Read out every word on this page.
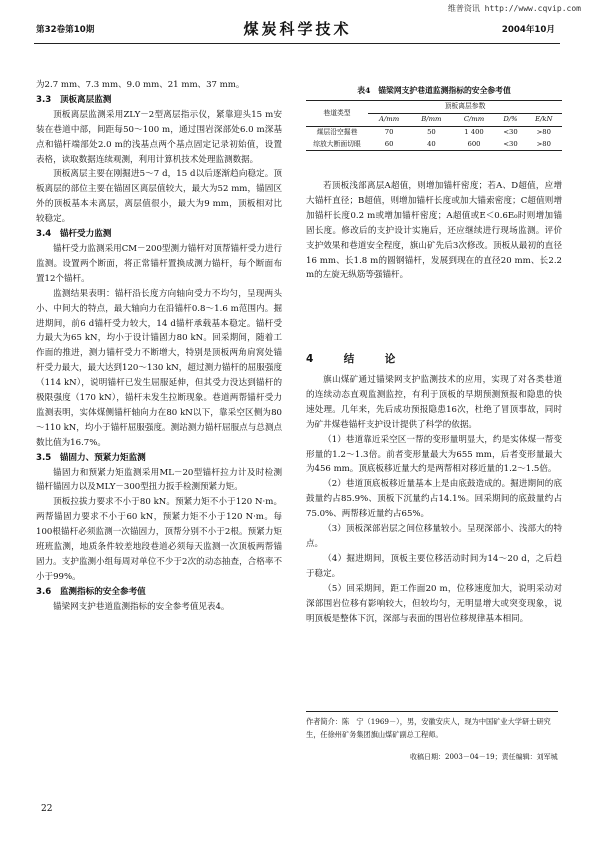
维普资讯 http://www.cqvip.com
第32卷第10期	煤炭科学技术	2004年10月

为2.7 mm、7.3 mm、9.0 mm、21 mm、37 mm。

3.3　顶板离层监测

顶板离层监测采用ZLY－2型离层指示仪，紧靠迎头15 m安装在巷道中部，间距每50～100 m，通过围岩深部处6.0 m深基点和锚杆端部处2.0 m的浅基点两个基点固定记录初始值，设置表格，读取数据连续观测，利用计算机技术处理监测数据。

顶板离层主要在刚掘进5～7 d，15 d以后逐渐趋向稳定。顶板离层的部位主要在锚固区离层值较大，最大为52 mm，锚固区外的顶板基本未离层，离层值很小，最大为9 mm，顶板相对比较稳定。

3.4　锚杆受力监测

锚杆受力监测采用CM－200型测力锚杆对顶帮锚杆受力进行监测。设置两个断面，将正常锚杆置换成测力锚杆，每个断面布置12个锚杆。

监测结果表明：锚杆沿长度方向轴向受力不均匀，呈现两头小、中间大的特点，最大轴向力在沿锚杆0.8～1.6 m范围内。掘进期间，前6 d锚杆受力较大，14 d锚杆承载基本稳定。锚杆受力最大为65 kN，均小于设计锚固力80 kN。回采期间，随着工作面的推进，测力锚杆受力不断增大，特别是顶板两角肩窝处锚杆受力最大，最大达到120～130 kN，超过测力锚杆的屈服强度（114 kN），说明锚杆已发生屈服延伸，但其受力没达到锚杆的极限强度（170 kN），锚杆未发生拉断现象。巷道两帮锚杆受力监测表明，实体煤侧锚杆轴向力在80 kN以下，靠采空区侧为80～110 kN，均小于锚杆屈服强度。测站测力锚杆屈服点与总测点数比值为16.7%。

3.5　锚固力、预紧力矩监测

锚固力和预紧力矩监测采用ML－20型锚杆拉力计及时检测锚杆锚固力以及MLY－300型扭力扳手检测预紧力矩。

顶板拉拔力要求不小于80 kN。预紧力矩不小于120 N·m。两帮锚固力要求不小于60 kN，预紧力矩不小于120 N·m。每100根锚杆必须监测一次锚固力，顶帮分别不小于2根。预紧力矩班班监测，地质条件较差地段巷道必须每天监测一次顶板两帮锚固力。支护监测小组每周对单位不少于2次的动态抽查，合格率不小于99%。

3.6　监测指标的安全参考值

锚梁网支护巷道监测指标的安全参考值见表4。

表4　锚梁网支护巷道监测指标的安全参考值
巷道类型	顶板离层参数				
	A/mm	B/mm	C/mm	D/%	E/kN
煤层沿空掘巷	70	50	1 400	<30	>80
综放大断面切眼	60	40	600	<30	>80

若顶板浅部离层A超值，则增加锚杆密度；若A、D超值，应增大锚杆直径；B超值，则增加锚杆长度或加大锚索密度；C超值则增加锚杆长度0.2 m或增加锚杆密度；A超值或E＜0.6E₀时则增加锚固长度。修改后的支护设计实施后，还应继续进行现场监测。评价支护效果和巷道安全程度，旗山矿先后3次修改。顶板从最初的直径16 mm、长1.8 m的圆钢锚杆，发展到现在的直径20 mm、长2.2 m的左旋无纵筋等强锚杆。

4　结　论

旗山煤矿通过锚梁网支护监测技术的应用，实现了对各类巷道的连续动态直观监测监控，有利于顶板的早期预测预报和隐患的快速处理。几年来，先后成功预报隐患16次，杜绝了冒顶事故，同时为矿井煤巷锚杆支护设计提供了科学的依据。

（1）巷道靠近采空区一帮的变形量明显大，约是实体煤一帮变形量的1.2～1.3倍。前者变形量最大为655 mm，后者变形量最大为456 mm。顶底板移近量大约是两帮相对移近量的1.2～1.5倍。

（2）巷道顶底板移近量基本上是由底鼓造成的。掘进期间的底鼓量约占85.9%、顶板下沉量约占14.1%。回采期间的底鼓量约占75.0%、两帮移近量约占65%。

（3）顶板深部岩层之间位移量较小。呈现深部小、浅部大的特点。

（4）掘进期间，顶板主要位移活动时间为14～20 d，之后趋于稳定。

（5）回采期间，距工作面20 m，位移速度加大，说明采动对深部围岩位移有影响较大，但较均匀，无明显增大或突变现象，说明顶板是整体下沉，深部与表面的围岩位移规律基本相同。

作者简介：陈　宁（1969－），男，安徽安庆人，现为中国矿业大学研士研究生，任徐州矿务集团旗山煤矿副总工程师。
收稿日期：2003－04－19；责任编辑：刘军城
22
